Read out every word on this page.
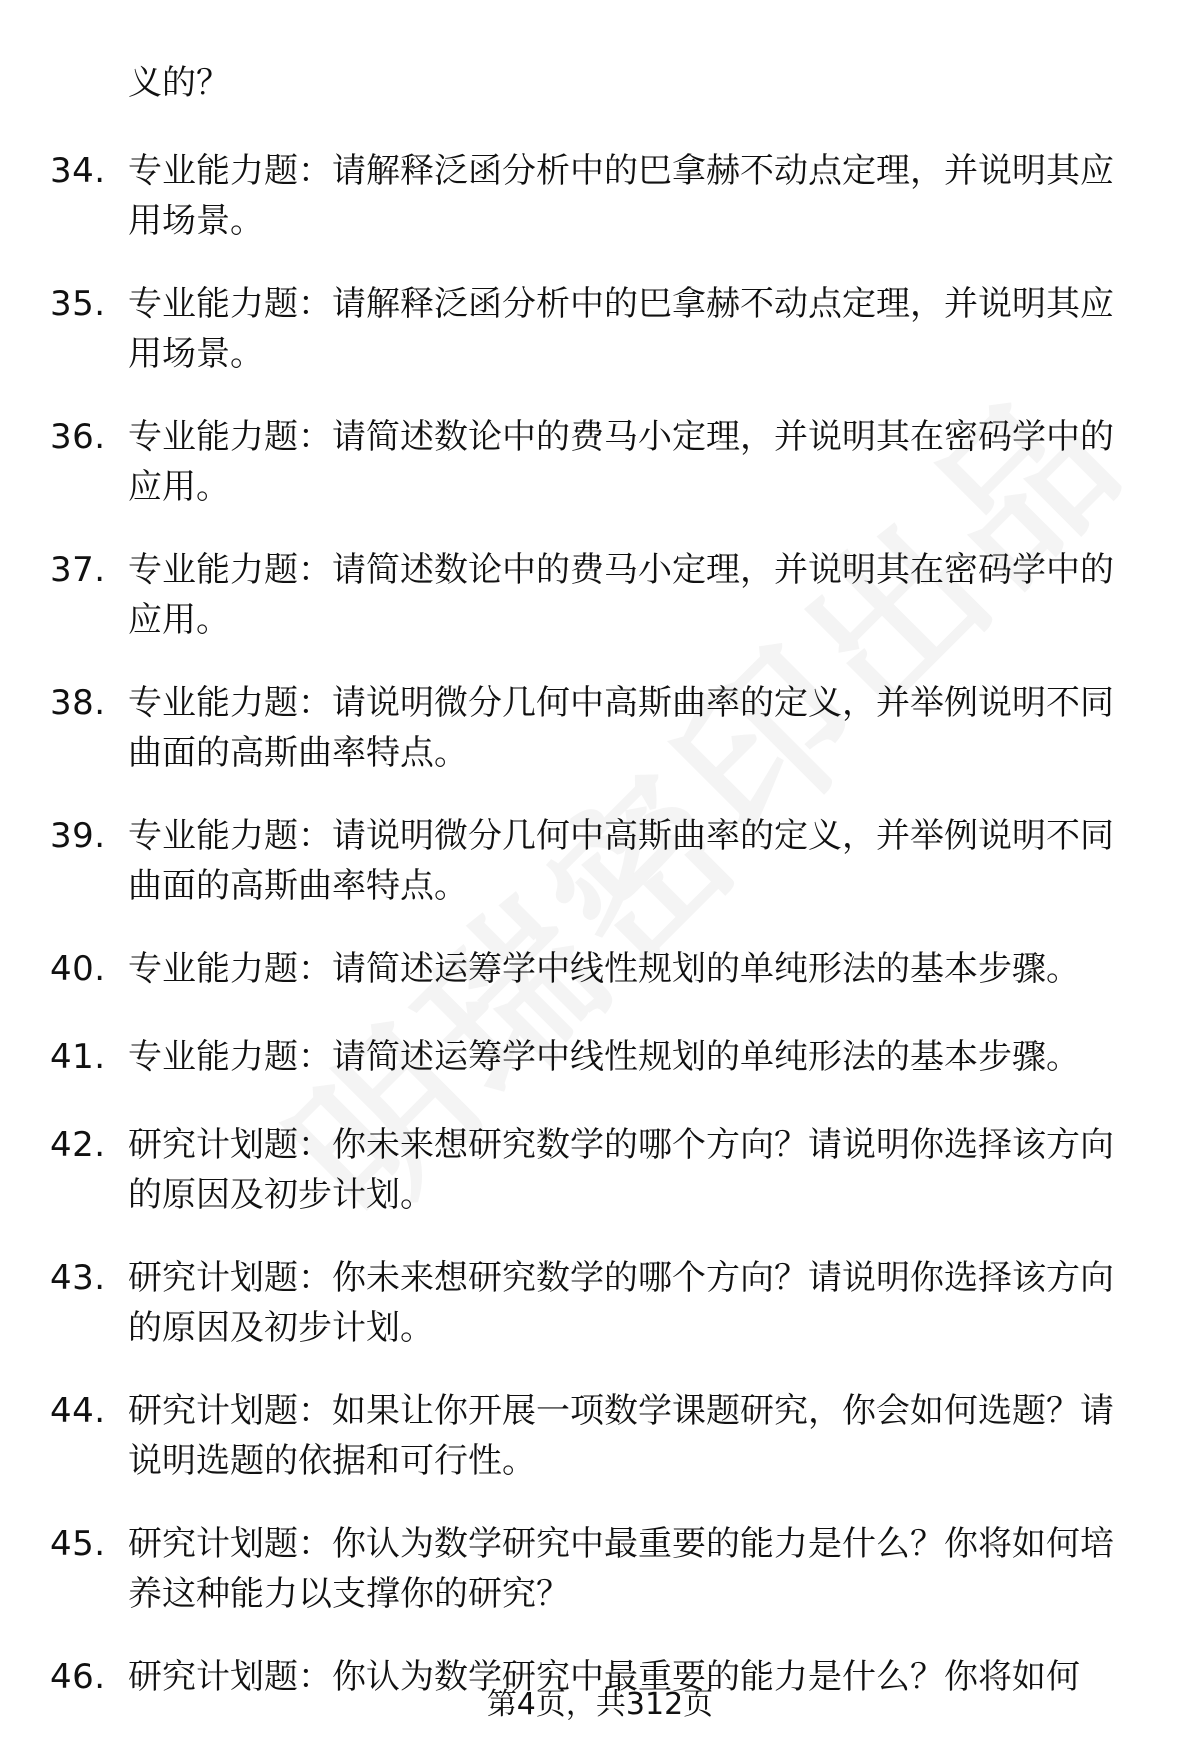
义的？
34. 专业能力题：请解释泛函分析中的巴拿赫不动点定理，并说明其应用场景。
35. 专业能力题：请解释泛函分析中的巴拿赫不动点定理，并说明其应用场景。
36. 专业能力题：请简述数论中的费马小定理，并说明其在密码学中的应用。
37. 专业能力题：请简述数论中的费马小定理，并说明其在密码学中的应用。
38. 专业能力题：请说明微分几何中高斯曲率的定义，并举例说明不同曲面的高斯曲率特点。
39. 专业能力题：请说明微分几何中高斯曲率的定义，并举例说明不同曲面的高斯曲率特点。
40. 专业能力题：请简述运筹学中线性规划的单纯形法的基本步骤。
41. 专业能力题：请简述运筹学中线性规划的单纯形法的基本步骤。
42. 研究计划题：你未来想研究数学的哪个方向？请说明你选择该方向的原因及初步计划。
43. 研究计划题：你未来想研究数学的哪个方向？请说明你选择该方向的原因及初步计划。
44. 研究计划题：如果让你开展一项数学课题研究，你会如何选题？请说明选题的依据和可行性。
45. 研究计划题：你认为数学研究中最重要的能力是什么？你将如何培养这种能力以支撑你的研究？
46. 研究计划题：你认为数学研究中最重要的能力是什么？你将如何
第4页，共312页
